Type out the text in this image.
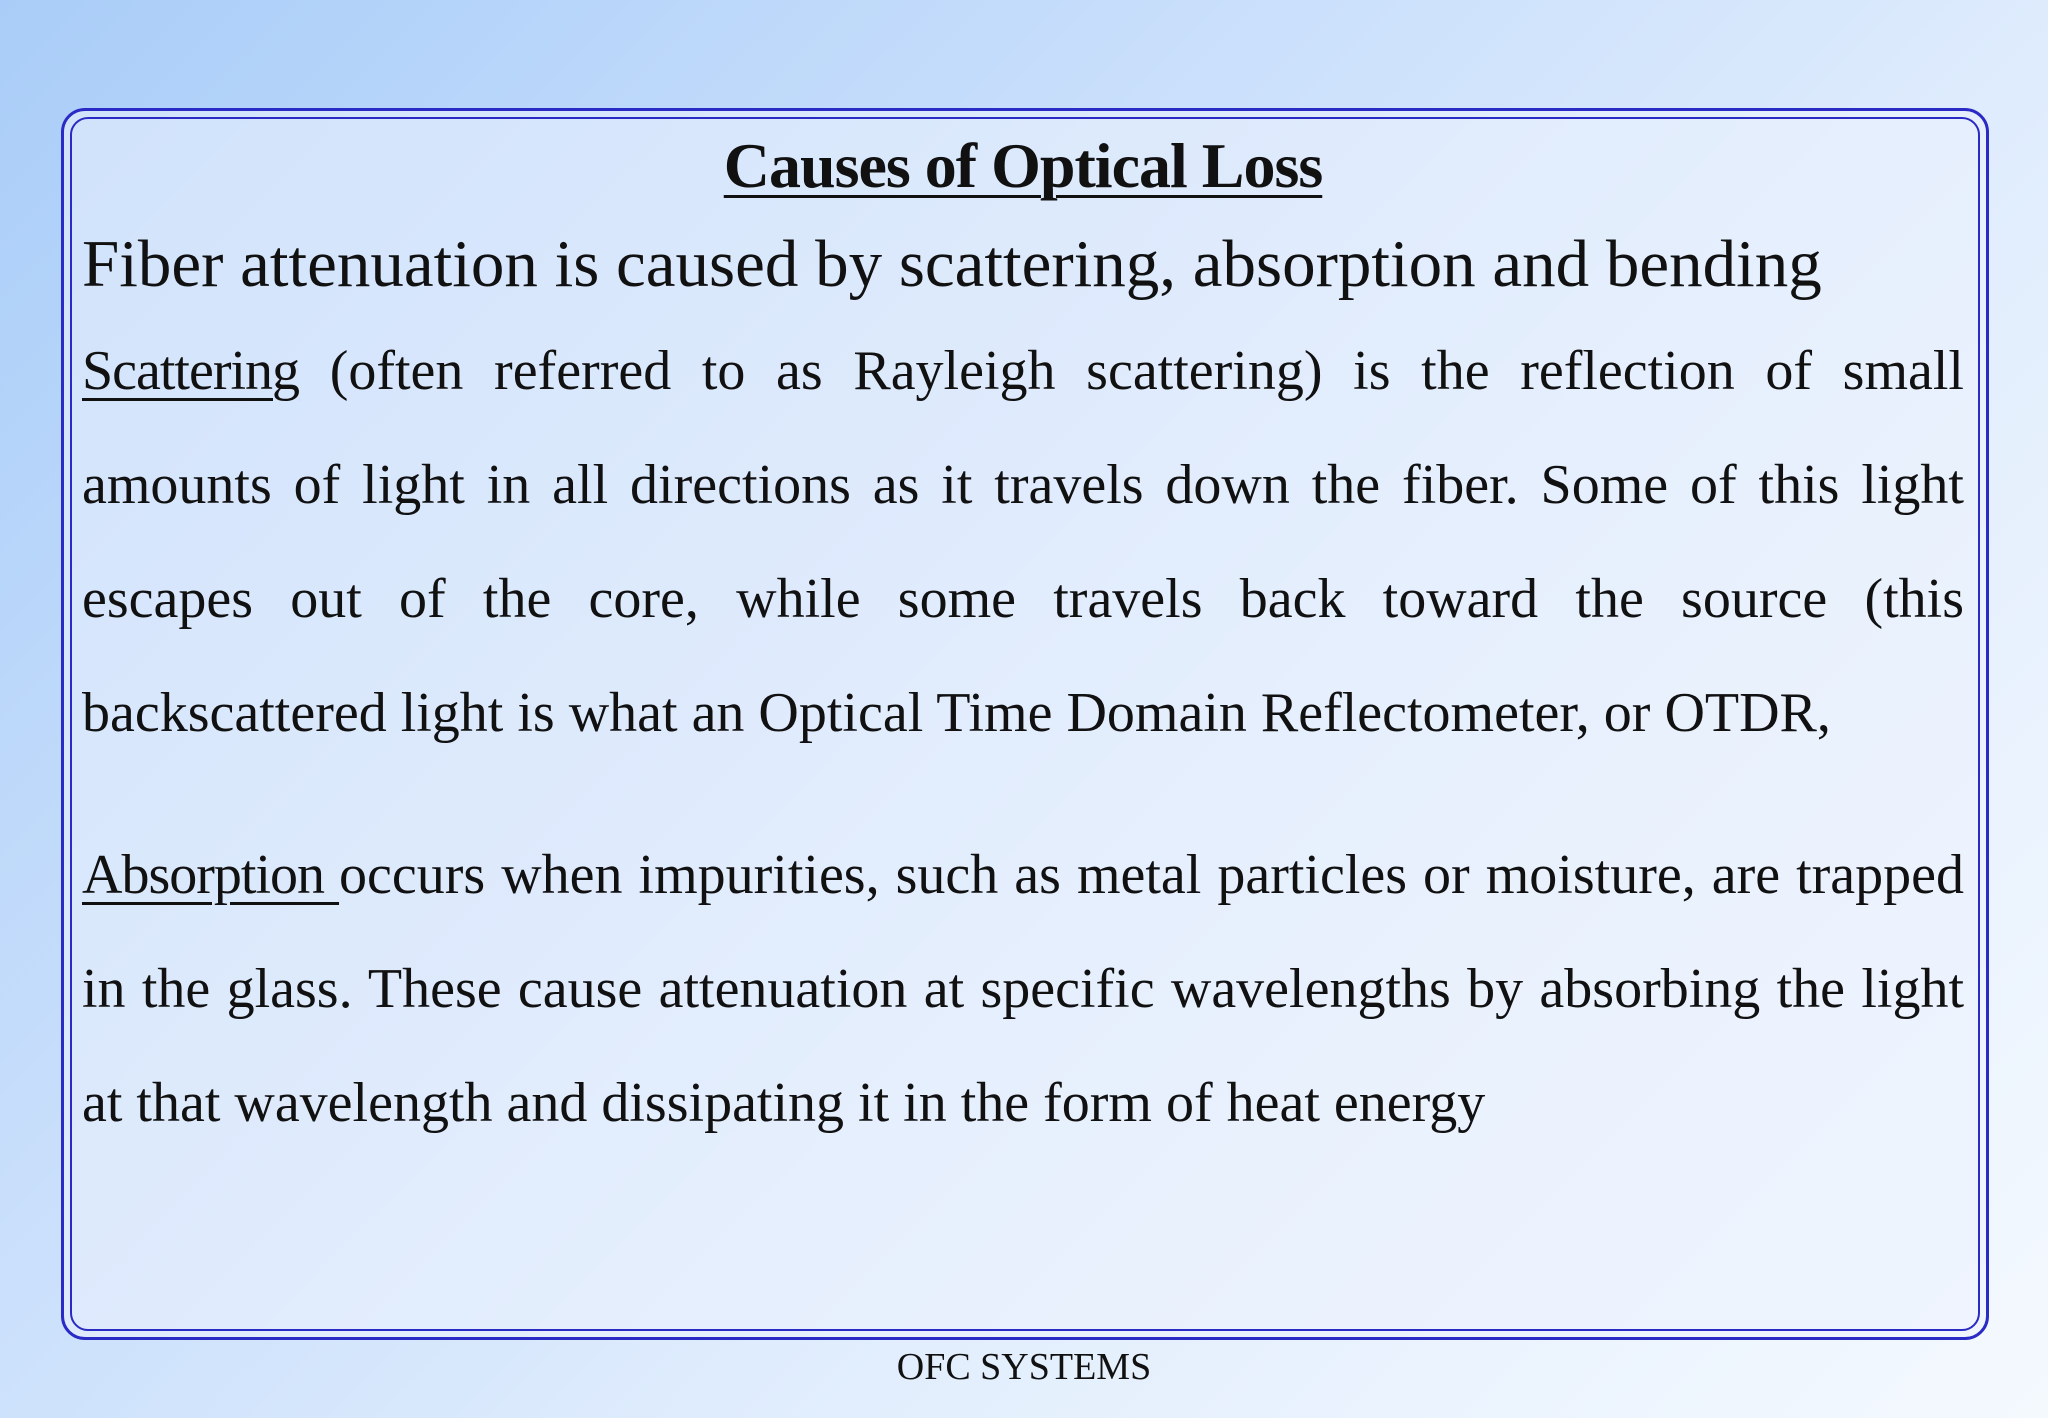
Causes of Optical Loss

Fiber attenuation is caused by scattering, absorption and bending

Scattering (often referred to as Rayleigh scattering) is the reflection of small amounts of light in all directions as it travels down the fiber. Some of this light escapes out of the core, while some travels back toward the source (this backscattered light is what an Optical Time Domain Reflectometer, or OTDR,

Absorption occurs when impurities, such as metal particles or moisture, are trapped in the glass. These cause attenuation at specific wavelengths by absorbing the light at that wavelength and dissipating it in the form of heat energy

OFC SYSTEMS
